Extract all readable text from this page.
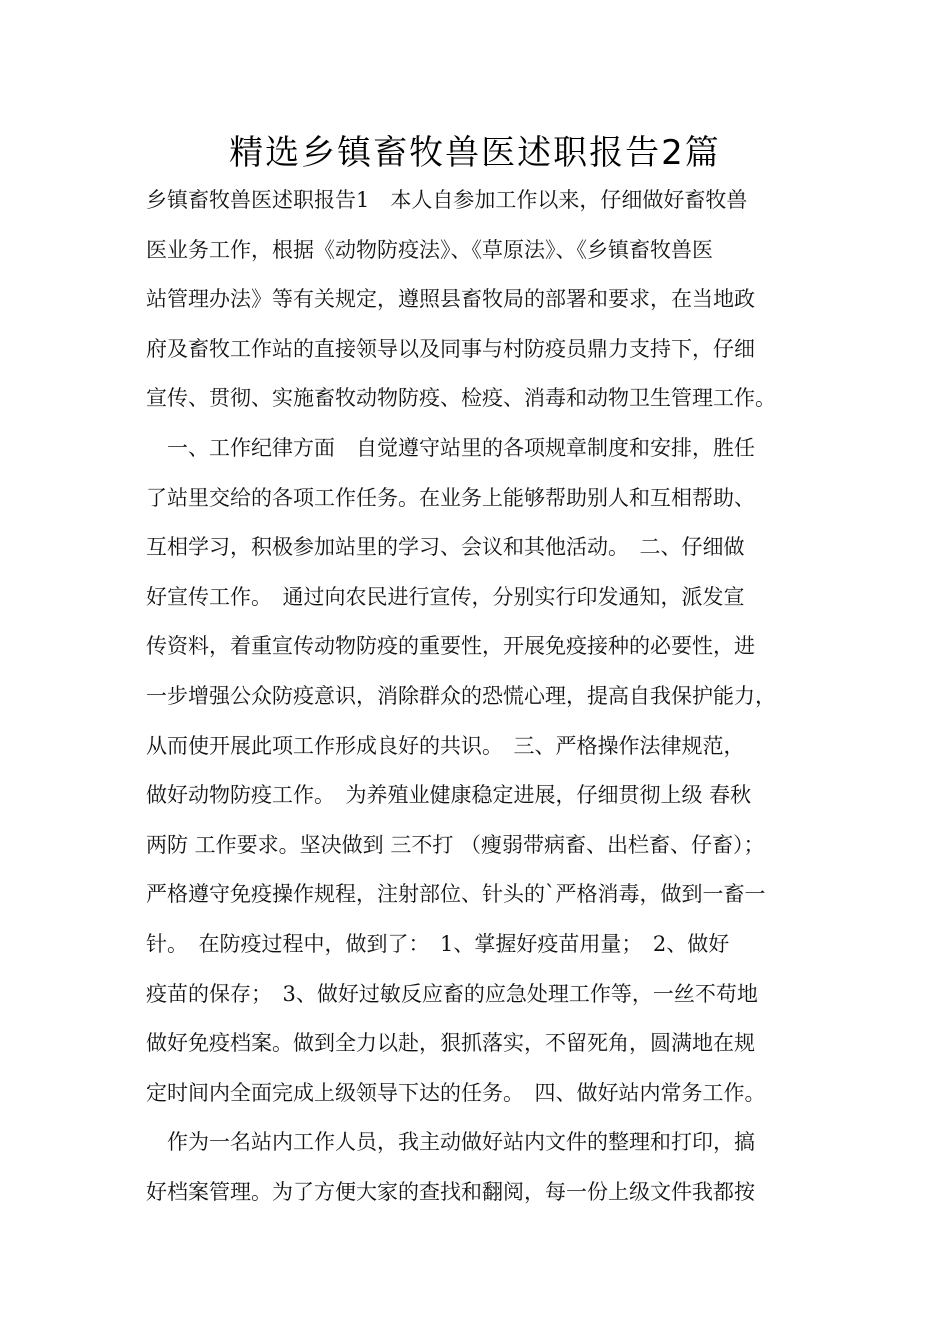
精选乡镇畜牧兽医述职报告2篇
乡镇畜牧兽医述职报告1　本人自参加工作以来，仔细做好畜牧兽
医业务工作，根据《动物防疫法》、《草原法》、《乡镇畜牧兽医
站管理办法》等有关规定，遵照县畜牧局的部署和要求，在当地政
府及畜牧工作站的直接领导以及同事与村防疫员鼎力支持下，仔细
宣传、贯彻、实施畜牧动物防疫、检疫、消毒和动物卫生管理工作。
　一、工作纪律方面　自觉遵守站里的各项规章制度和安排，胜任
了站里交给的各项工作任务。在业务上能够帮助别人和互相帮助、
互相学习，积极参加站里的学习、会议和其他活动。　二、仔细做
好宣传工作。　通过向农民进行宣传，分别实行印发通知，派发宣
传资料，着重宣传动物防疫的重要性，开展免疫接种的必要性，进
一步增强公众防疫意识，消除群众的恐慌心理，提高自我保护能力，
从而使开展此项工作形成良好的共识。　三、严格操作法律规范，
做好动物防疫工作。　为养殖业健康稳定进展，仔细贯彻上级 春秋
两防 工作要求。坚决做到 三不打 （瘦弱带病畜、出栏畜、仔畜）；
严格遵守免疫操作规程，注射部位、针头的`严格消毒，做到一畜一
针。　在防疫过程中，做到了：　1、掌握好疫苗用量；　2、做好
疫苗的保存；　3、做好过敏反应畜的应急处理工作等，一丝不苟地
做好免疫档案。做到全力以赴，狠抓落实，不留死角，圆满地在规
定时间内全面完成上级领导下达的任务。　四、做好站内常务工作。
　作为一名站内工作人员，我主动做好站内文件的整理和打印，搞
好档案管理。为了方便大家的查找和翻阅，每一份上级文件我都按
